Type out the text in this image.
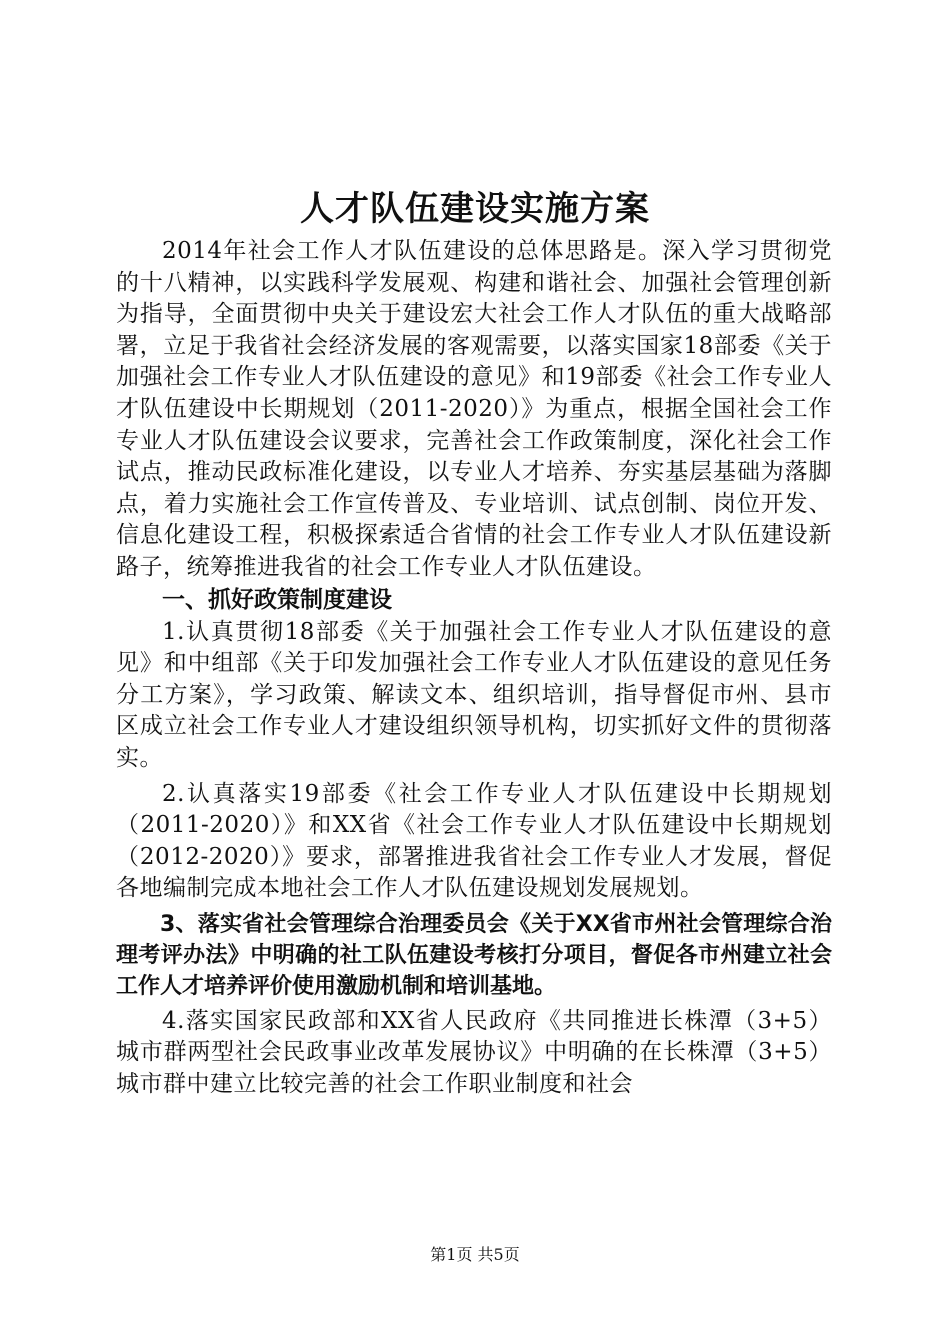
人才队伍建设实施方案

2014年社会工作人才队伍建设的总体思路是。深入学习贯彻党的十八精神，以实践科学发展观、构建和谐社会、加强社会管理创新为指导，全面贯彻中央关于建设宏大社会工作人才队伍的重大战略部署，立足于我省社会经济发展的客观需要，以落实国家18部委《关于加强社会工作专业人才队伍建设的意见》和19部委《社会工作专业人才队伍建设中长期规划（2011-2020）》为重点，根据全国社会工作专业人才队伍建设会议要求，完善社会工作政策制度，深化社会工作试点，推动民政标准化建设，以专业人才培养、夯实基层基础为落脚点，着力实施社会工作宣传普及、专业培训、试点创制、岗位开发、信息化建设工程，积极探索适合省情的社会工作专业人才队伍建设新路子，统筹推进我省的社会工作专业人才队伍建设。

一、抓好政策制度建设

1.认真贯彻18部委《关于加强社会工作专业人才队伍建设的意见》和中组部《关于印发加强社会工作专业人才队伍建设的意见任务分工方案》，学习政策、解读文本、组织培训，指导督促市州、县市区成立社会工作专业人才建设组织领导机构，切实抓好文件的贯彻落实。

2.认真落实19部委《社会工作专业人才队伍建设中长期规划（2011-2020）》和XX省《社会工作专业人才队伍建设中长期规划（2012-2020）》要求，部署推进我省社会工作专业人才发展，督促各地编制完成本地社会工作人才队伍建设规划发展规划。

3、落实省社会管理综合治理委员会《关于XX省市州社会管理综合治理考评办法》中明确的社工队伍建设考核打分项目，督促各市州建立社会工作人才培养评价使用激励机制和培训基地。

4.落实国家民政部和XX省人民政府《共同推进长株潭（3+5）城市群两型社会民政事业改革发展协议》中明确的在长株潭（3+5）城市群中建立比较完善的社会工作职业制度和社会

第1页 共5页
